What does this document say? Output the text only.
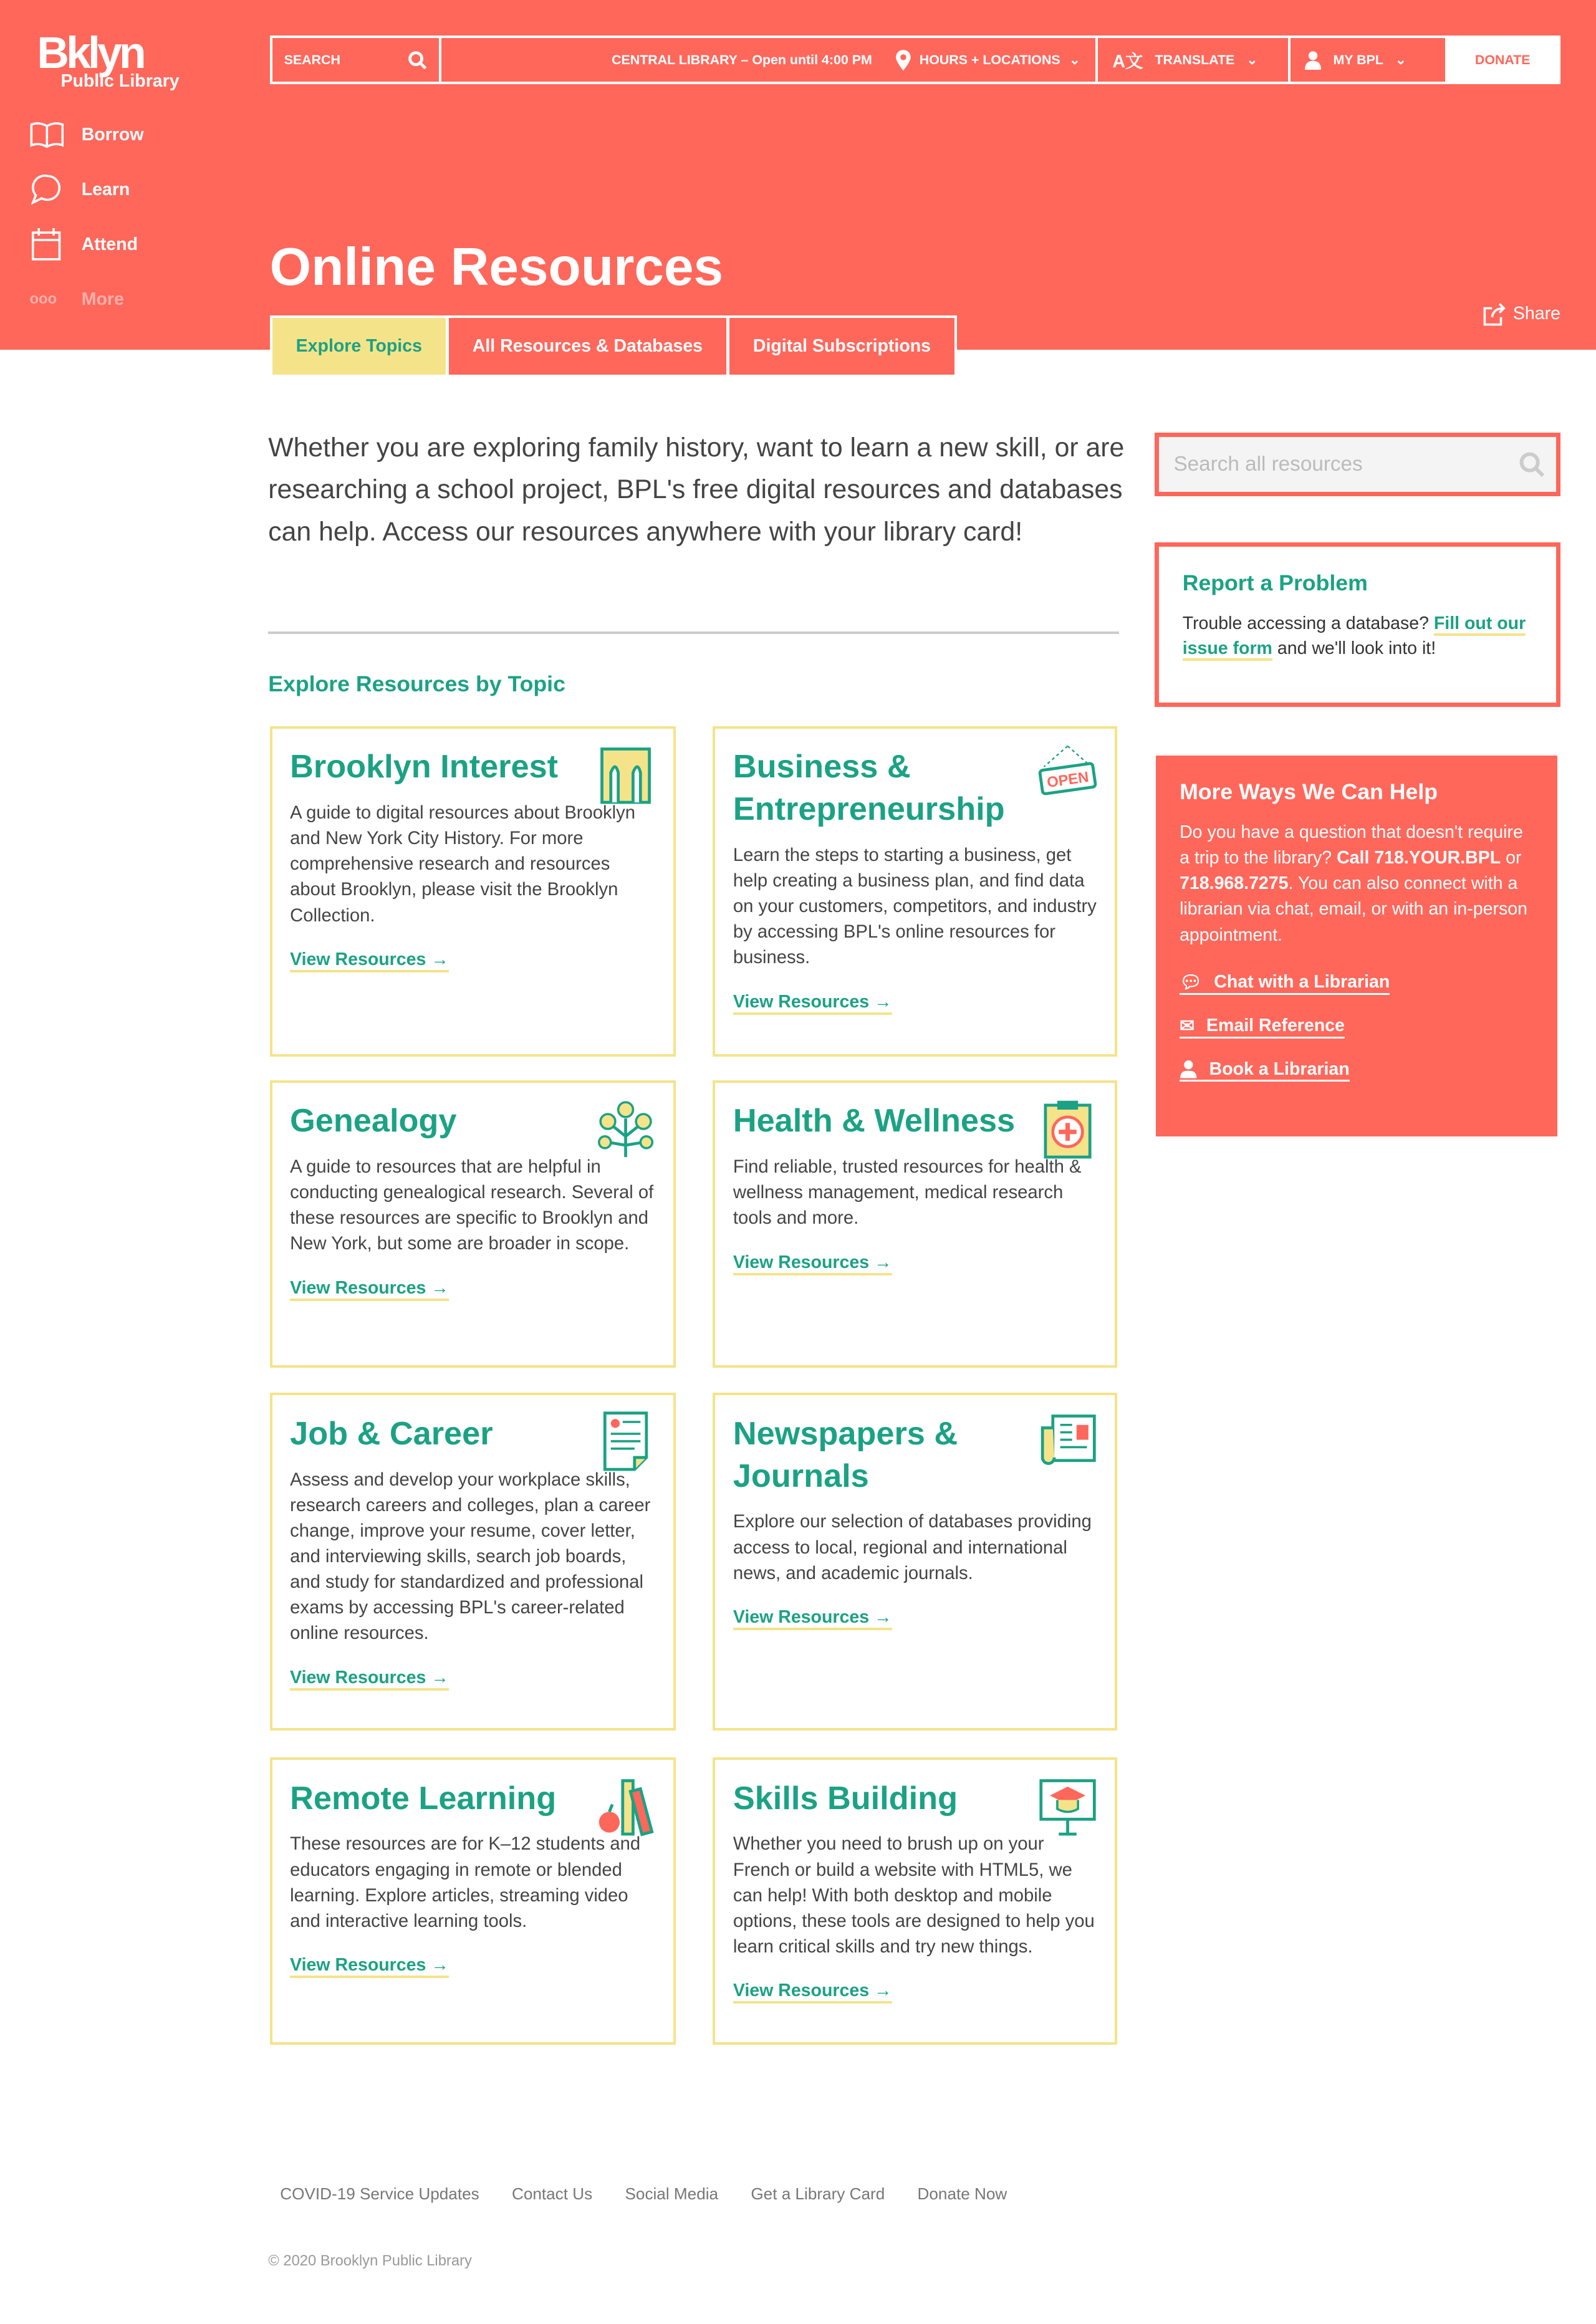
Bklyn
Public Library
SEARCH	CENTRAL LIBRARY – Open until 4:00 PM	HOURS + LOCATIONS ⌄	A文 TRANSLATE ⌄	MY BPL ⌄	DONATE
Borrow
Learn
Attend
ooo	More
Online Resources
Share
Explore Topics	All Resources & Databases	Digital Subscriptions

Whether you are exploring family history, want to learn a new skill, or are researching a school project, BPL's free digital resources and databases can help. Access our resources anywhere with your library card!

Explore Resources by Topic
Brooklyn Interest

A guide to digital resources about Brooklyn and New York City History. For more comprehensive research and resources about Brooklyn, please visit the Brooklyn Collection.

View Resources →
OPEN
Business & Entrepreneurship

Learn the steps to starting a business, get help creating a business plan, and find data on your customers, competitors, and industry by accessing BPL's online resources for business.

View Resources →
Genealogy

A guide to resources that are helpful in conducting genealogical research. Several of these resources are specific to Brooklyn and New York, but some are broader in scope.

View Resources →
Health & Wellness

Find reliable, trusted resources for health & wellness management, medical research tools and more.

View Resources →
Job & Career

Assess and develop your workplace skills, research careers and colleges, plan a career change, improve your resume, cover letter, and interviewing skills, search job boards, and study for standardized and professional exams by accessing BPL's career-related online resources.

View Resources →
Newspapers & Journals

Explore our selection of databases providing access to local, regional and international news, and academic journals.

View Resources →
Remote Learning

These resources are for K–12 students and educators engaging in remote or blended learning. Explore articles, streaming video and interactive learning tools.

View Resources →
Skills Building

Whether you need to brush up on your French or build a website with HTML5, we can help! With both desktop and mobile options, these tools are designed to help you learn critical skills and try new things.

View Resources →
Search all resources
Report a Problem

Trouble accessing a database? Fill out our issue form and we'll look into it!

More Ways We Can Help

Do you have a question that doesn't require a trip to the library? Call 718.YOUR.BPL or 718.968.7275. You can also connect with a librarian via chat, email, or with an in-person appointment.

💬︎ Chat with a Librarian
✉︎ Email Reference
Book a Librarian
COVID-19 Service Updates	Contact Us	Social Media	Get a Library Card	Donate Now
© 2020 Brooklyn Public Library
